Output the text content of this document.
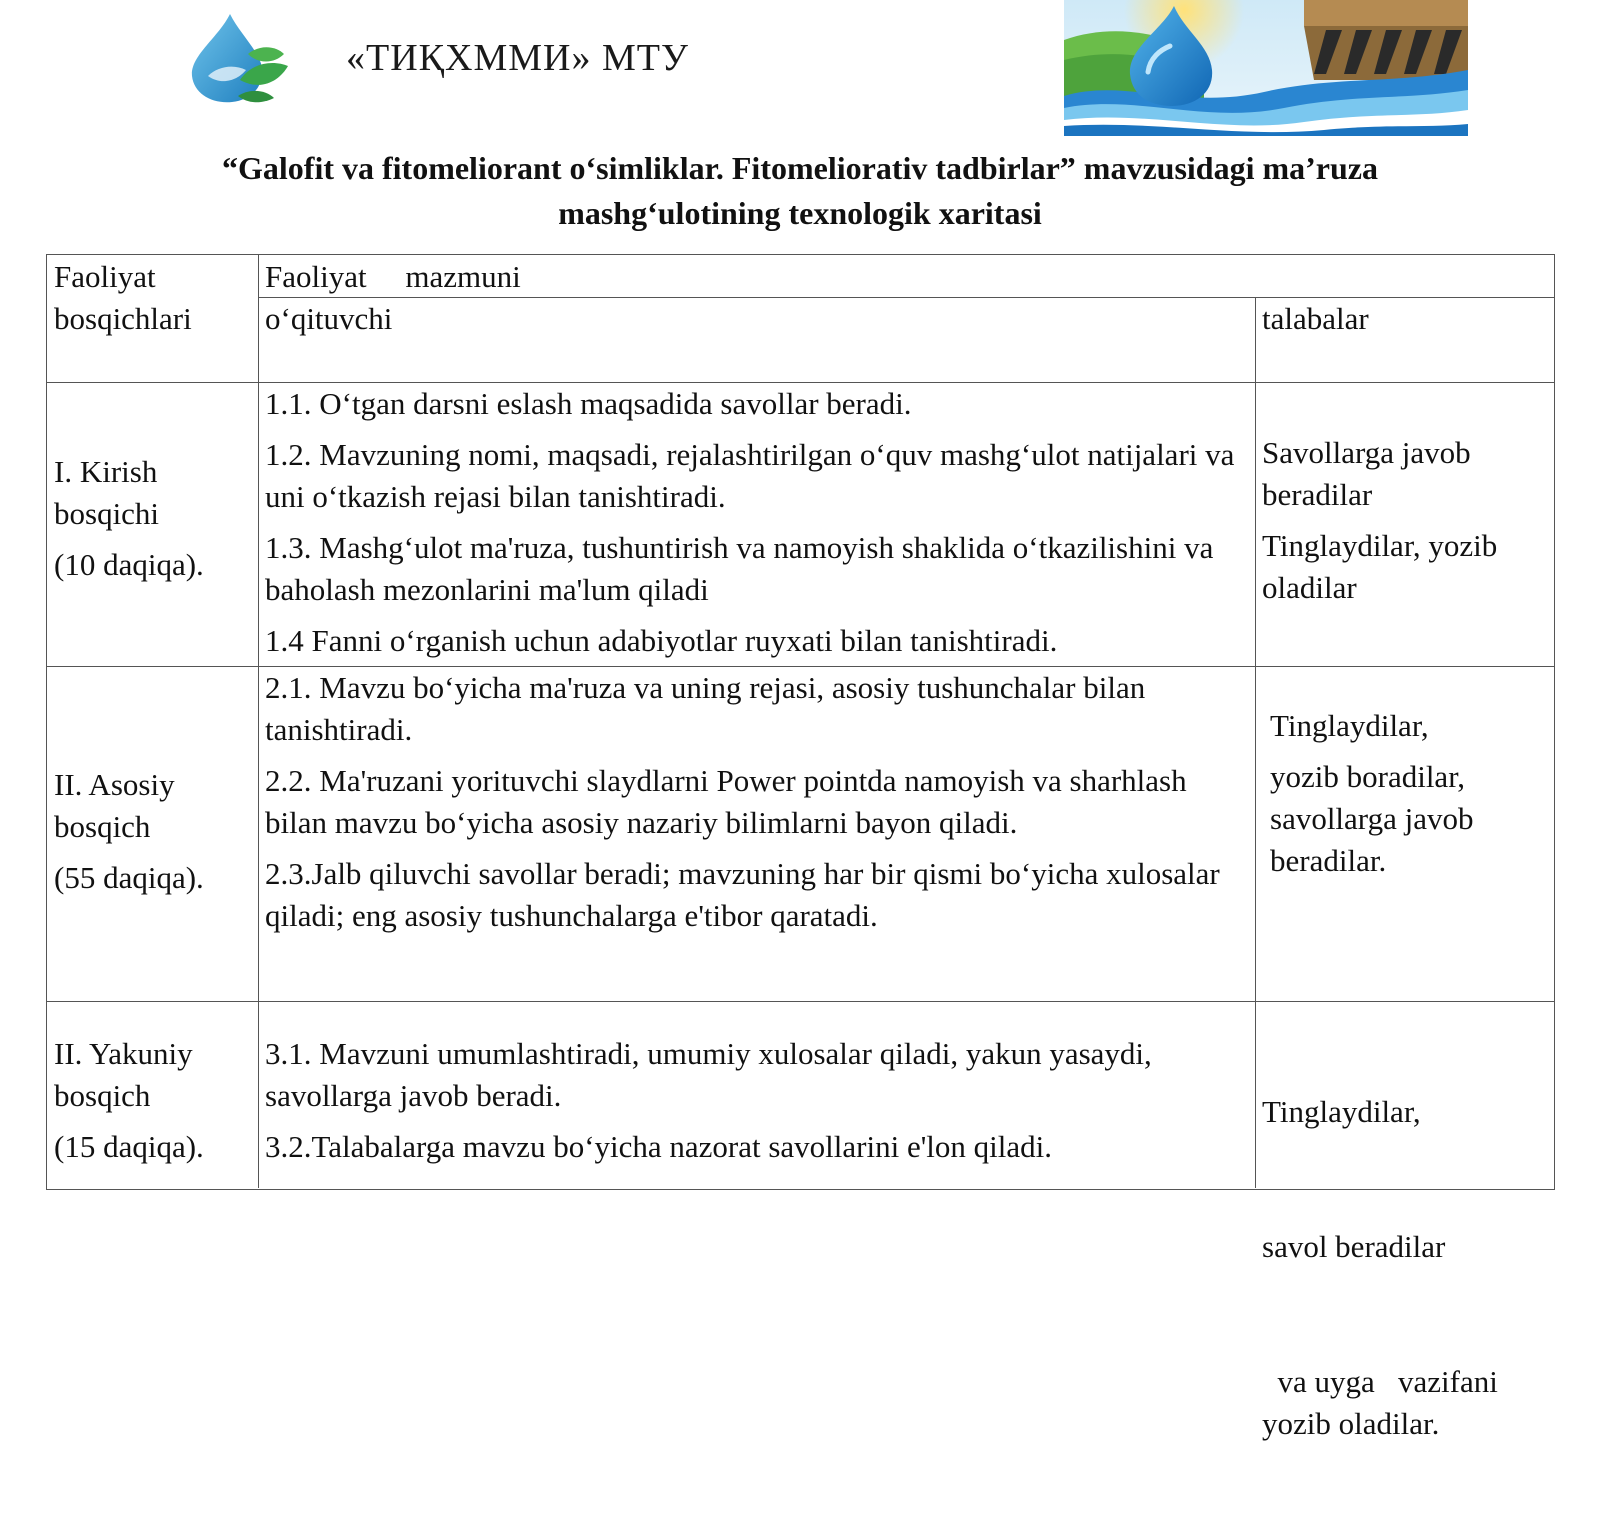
«ТИҚХММИ» МТУ
“Galofit va fitomeliorant o‘simliklar. Fitomeliorativ tadbirlar” mavzusidagi ma’ruza
mashg‘ulotining texnologik xaritasi

Faoliyat

bosqichlari

Faoliyat     mazmuni
o‘qituvchi	talabalar

I. Kirish

bosqichi

(10 daqiqa).

1.1. O‘tgan darsni eslash maqsadida savollar beradi.

1.2. Mavzuning nomi, maqsadi, rejalashtirilgan o‘quv mashg‘ulot natijalari va uni o‘tkazish rejasi bilan tanishtiradi.

1.3. Mashg‘ulot ma'ruza, tushuntirish va namoyish shaklida o‘tkazilishini va baholash mezonlarini ma'lum qiladi

1.4 Fanni o‘rganish uchun adabiyotlar ruyxati bilan tanishtiradi.

Savollarga javob beradilar

Tinglaydilar, yozib oladilar

II. Asosiy

bosqich

(55 daqiqa).

2.1. Mavzu bo‘yicha ma'ruza va uning rejasi, asosiy tushunchalar bilan tanishtiradi.

2.2. Ma'ruzani yorituvchi slaydlarni Power pointda namoyish va sharhlash bilan mavzu bo‘yicha asosiy nazariy bilimlarni bayon qiladi.

2.3.Jalb qiluvchi savollar beradi; mavzuning har bir qismi bo‘yicha xulosalar qiladi; eng asosiy tushunchalarga e'tibor qaratadi.

Tinglaydilar,

yozib boradilar, savollarga javob beradilar.

II. Yakuniy

bosqich

(15 daqiqa).

3.1. Mavzuni umumlashtiradi, umumiy xulosalar qiladi, yakun yasaydi, savollarga javob beradi.

3.2.Talabalarga mavzu bo‘yicha nazorat savollarini e'lon qiladi.

Tinglaydilar,

savol beradilar

va uyga   vazifani yozib oladilar.
